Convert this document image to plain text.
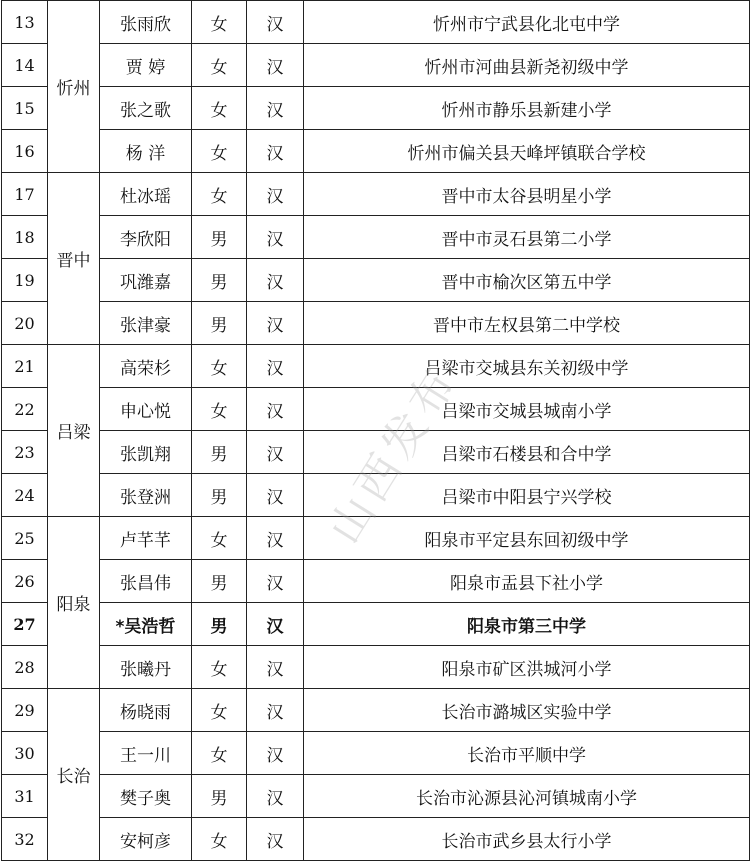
13	忻州	张雨欣	女	汉	忻州市宁武县化北屯中学
14		贾 婷	女	汉	忻州市河曲县新尧初级中学
15		张之歌	女	汉	忻州市静乐县新建小学
16		杨 洋	女	汉	忻州市偏关县天峰坪镇联合学校
17	晋中	杜冰瑶	女	汉	晋中市太谷县明星小学
18		李欣阳	男	汉	晋中市灵石县第二小学
19		巩潍嘉	男	汉	晋中市榆次区第五中学
20		张津豪	男	汉	晋中市左权县第二中学校
21	吕梁	高荣杉	女	汉	吕梁市交城县东关初级中学
22		申心悦	女	汉	吕梁市交城县城南小学
23		张凯翔	男	汉	吕梁市石楼县和合中学
24		张登洲	男	汉	吕梁市中阳县宁兴学校
25	阳泉	卢芊芊	女	汉	阳泉市平定县东回初级中学
26		张昌伟	男	汉	阳泉市盂县下社小学
27		*吴浩哲	男	汉	阳泉市第三中学
28		张曦丹	女	汉	阳泉市矿区洪城河小学
29	长治	杨晓雨	女	汉	长治市潞城区实验中学
30		王一川	女	汉	长治市平顺中学
31		樊子奥	男	汉	长治市沁源县沁河镇城南小学
32		安柯彦	女	汉	长治市武乡县太行小学
山西发布
